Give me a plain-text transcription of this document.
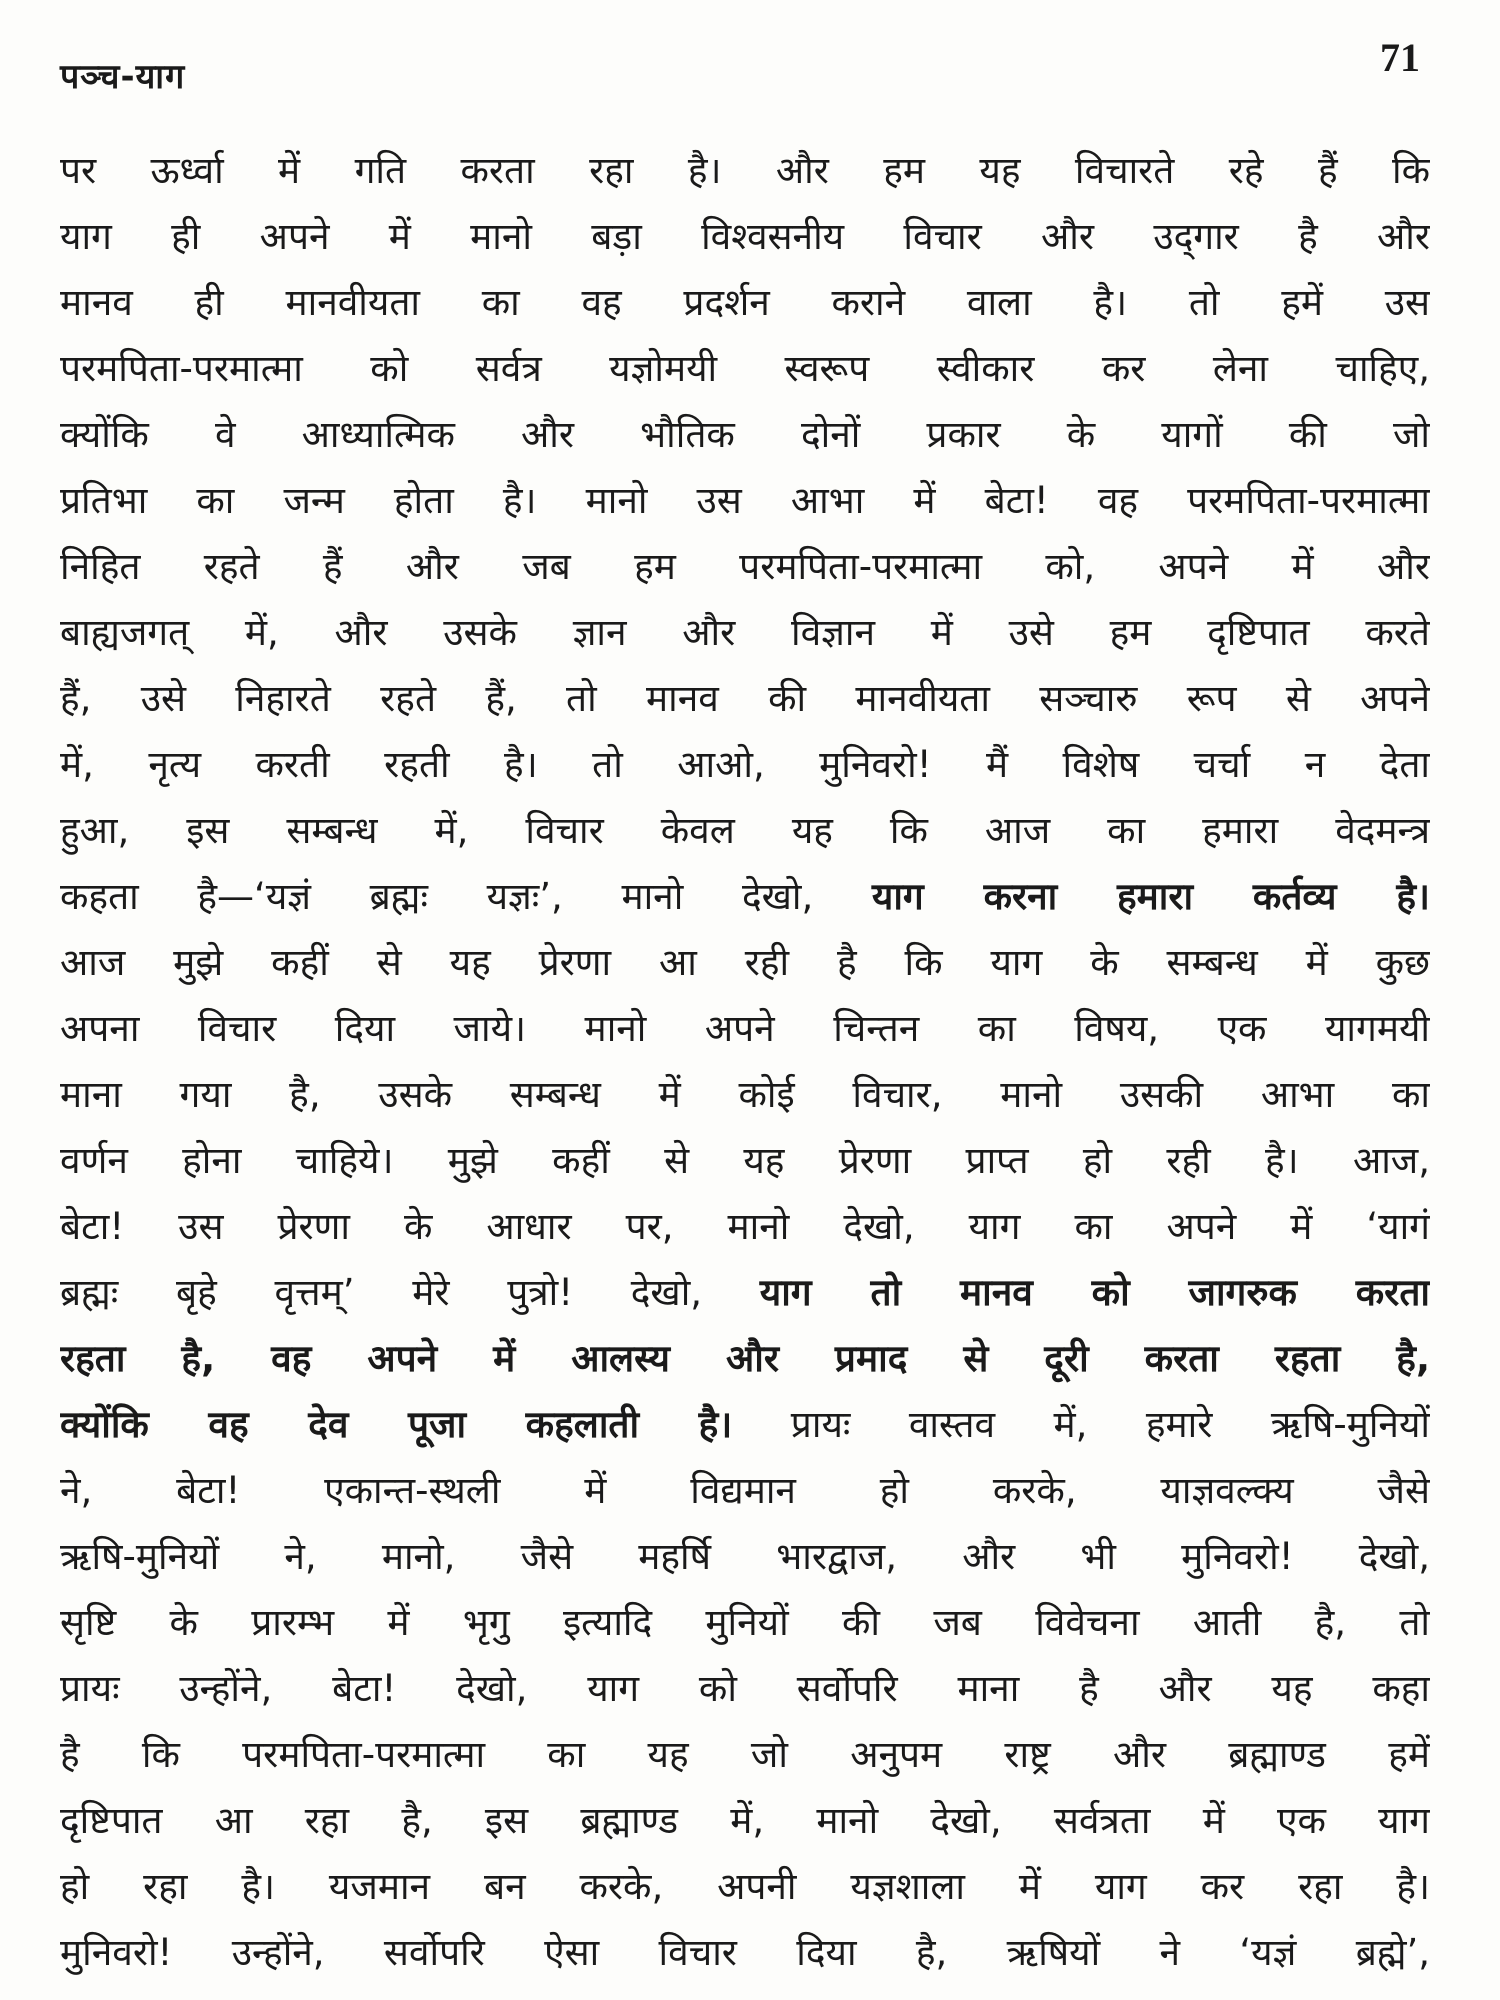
पञ्च-याग	71
पर ऊर्ध्वा में गति करता रहा है। और हम यह विचारते रहे हैं कि
याग ही अपने में मानो बड़ा विश्‍वसनीय विचार और उद्‍गार है और
मानव ही मानवीयता का वह प्रदर्शन कराने वाला है। तो हमें उस
परमपिता-परमात्मा को सर्वत्र यज्ञोमयी स्वरूप स्वीकार कर लेना चाहिए,
क्योंकि वे आध्यात्मिक और भौतिक दोनों प्रकार के यागों की जो
प्रतिभा का जन्म होता है। मानो उस आभा में बेटा! वह परमपिता-परमात्मा
निहित रहते हैं और जब हम परमपिता-परमात्मा को, अपने में और
बाह्यजगत् में, और उसके ज्ञान और विज्ञान में उसे हम दृष्टिपात करते
हैं, उसे निहारते रहते हैं, तो मानव की मानवीयता सञ्चारु रूप से अपने
में, नृत्य करती रहती है। तो आओ, मुनिवरो! मैं विशेष चर्चा न देता
हुआ, इस सम्बन्ध में, विचार केवल यह कि आज का हमारा वेदमन्त्र
कहता है—‘यज्ञं ब्रह्मः यज्ञः’, मानो देखो, याग करना हमारा कर्तव्य है।
आज मुझे कहीं से यह प्रेरणा आ रही है कि याग के सम्बन्ध में कुछ
अपना विचार दिया जाये। मानो अपने चिन्तन का विषय, एक यागमयी
माना गया है, उसके सम्बन्ध में कोई विचार, मानो उसकी आभा का
वर्णन होना चाहिये। मुझे कहीं से यह प्रेरणा प्राप्त हो रही है। आज,
बेटा! उस प्रेरणा के आधार पर, मानो देखो, याग का अपने में ‘यागं
ब्रह्मः बृहे वृत्तम्’ मेरे पुत्रो! देखो, याग तो मानव को जागरुक करता
रहता है, वह अपने में आलस्य और प्रमाद से दूरी करता रहता है,
क्योंकि वह देव पूजा कहलाती है। प्रायः वास्तव में, हमारे ऋषि-मुनियों
ने, बेटा! एकान्त-स्थली में विद्यमान हो करके, याज्ञवल्क्य जैसे
ऋषि-मुनियों ने, मानो, जैसे महर्षि भारद्वाज, और भी मुनिवरो! देखो,
सृष्टि के प्रारम्भ में भृगु इत्यादि मुनियों की जब विवेचना आती है, तो
प्रायः उन्होंने, बेटा! देखो, याग को सर्वोपरि माना है और यह कहा
है कि परमपिता-परमात्मा का यह जो अनुपम राष्ट्र और ब्रह्माण्ड हमें
दृष्टिपात आ रहा है, इस ब्रह्माण्ड में, मानो देखो, सर्वत्रता में एक याग
हो रहा है। यजमान बन करके, अपनी यज्ञशाला में याग कर रहा है।
मुनिवरो! उन्होंने, सर्वोपरि ऐसा विचार दिया है, ऋषियों ने ‘यज्ञं ब्रह्मे’,
